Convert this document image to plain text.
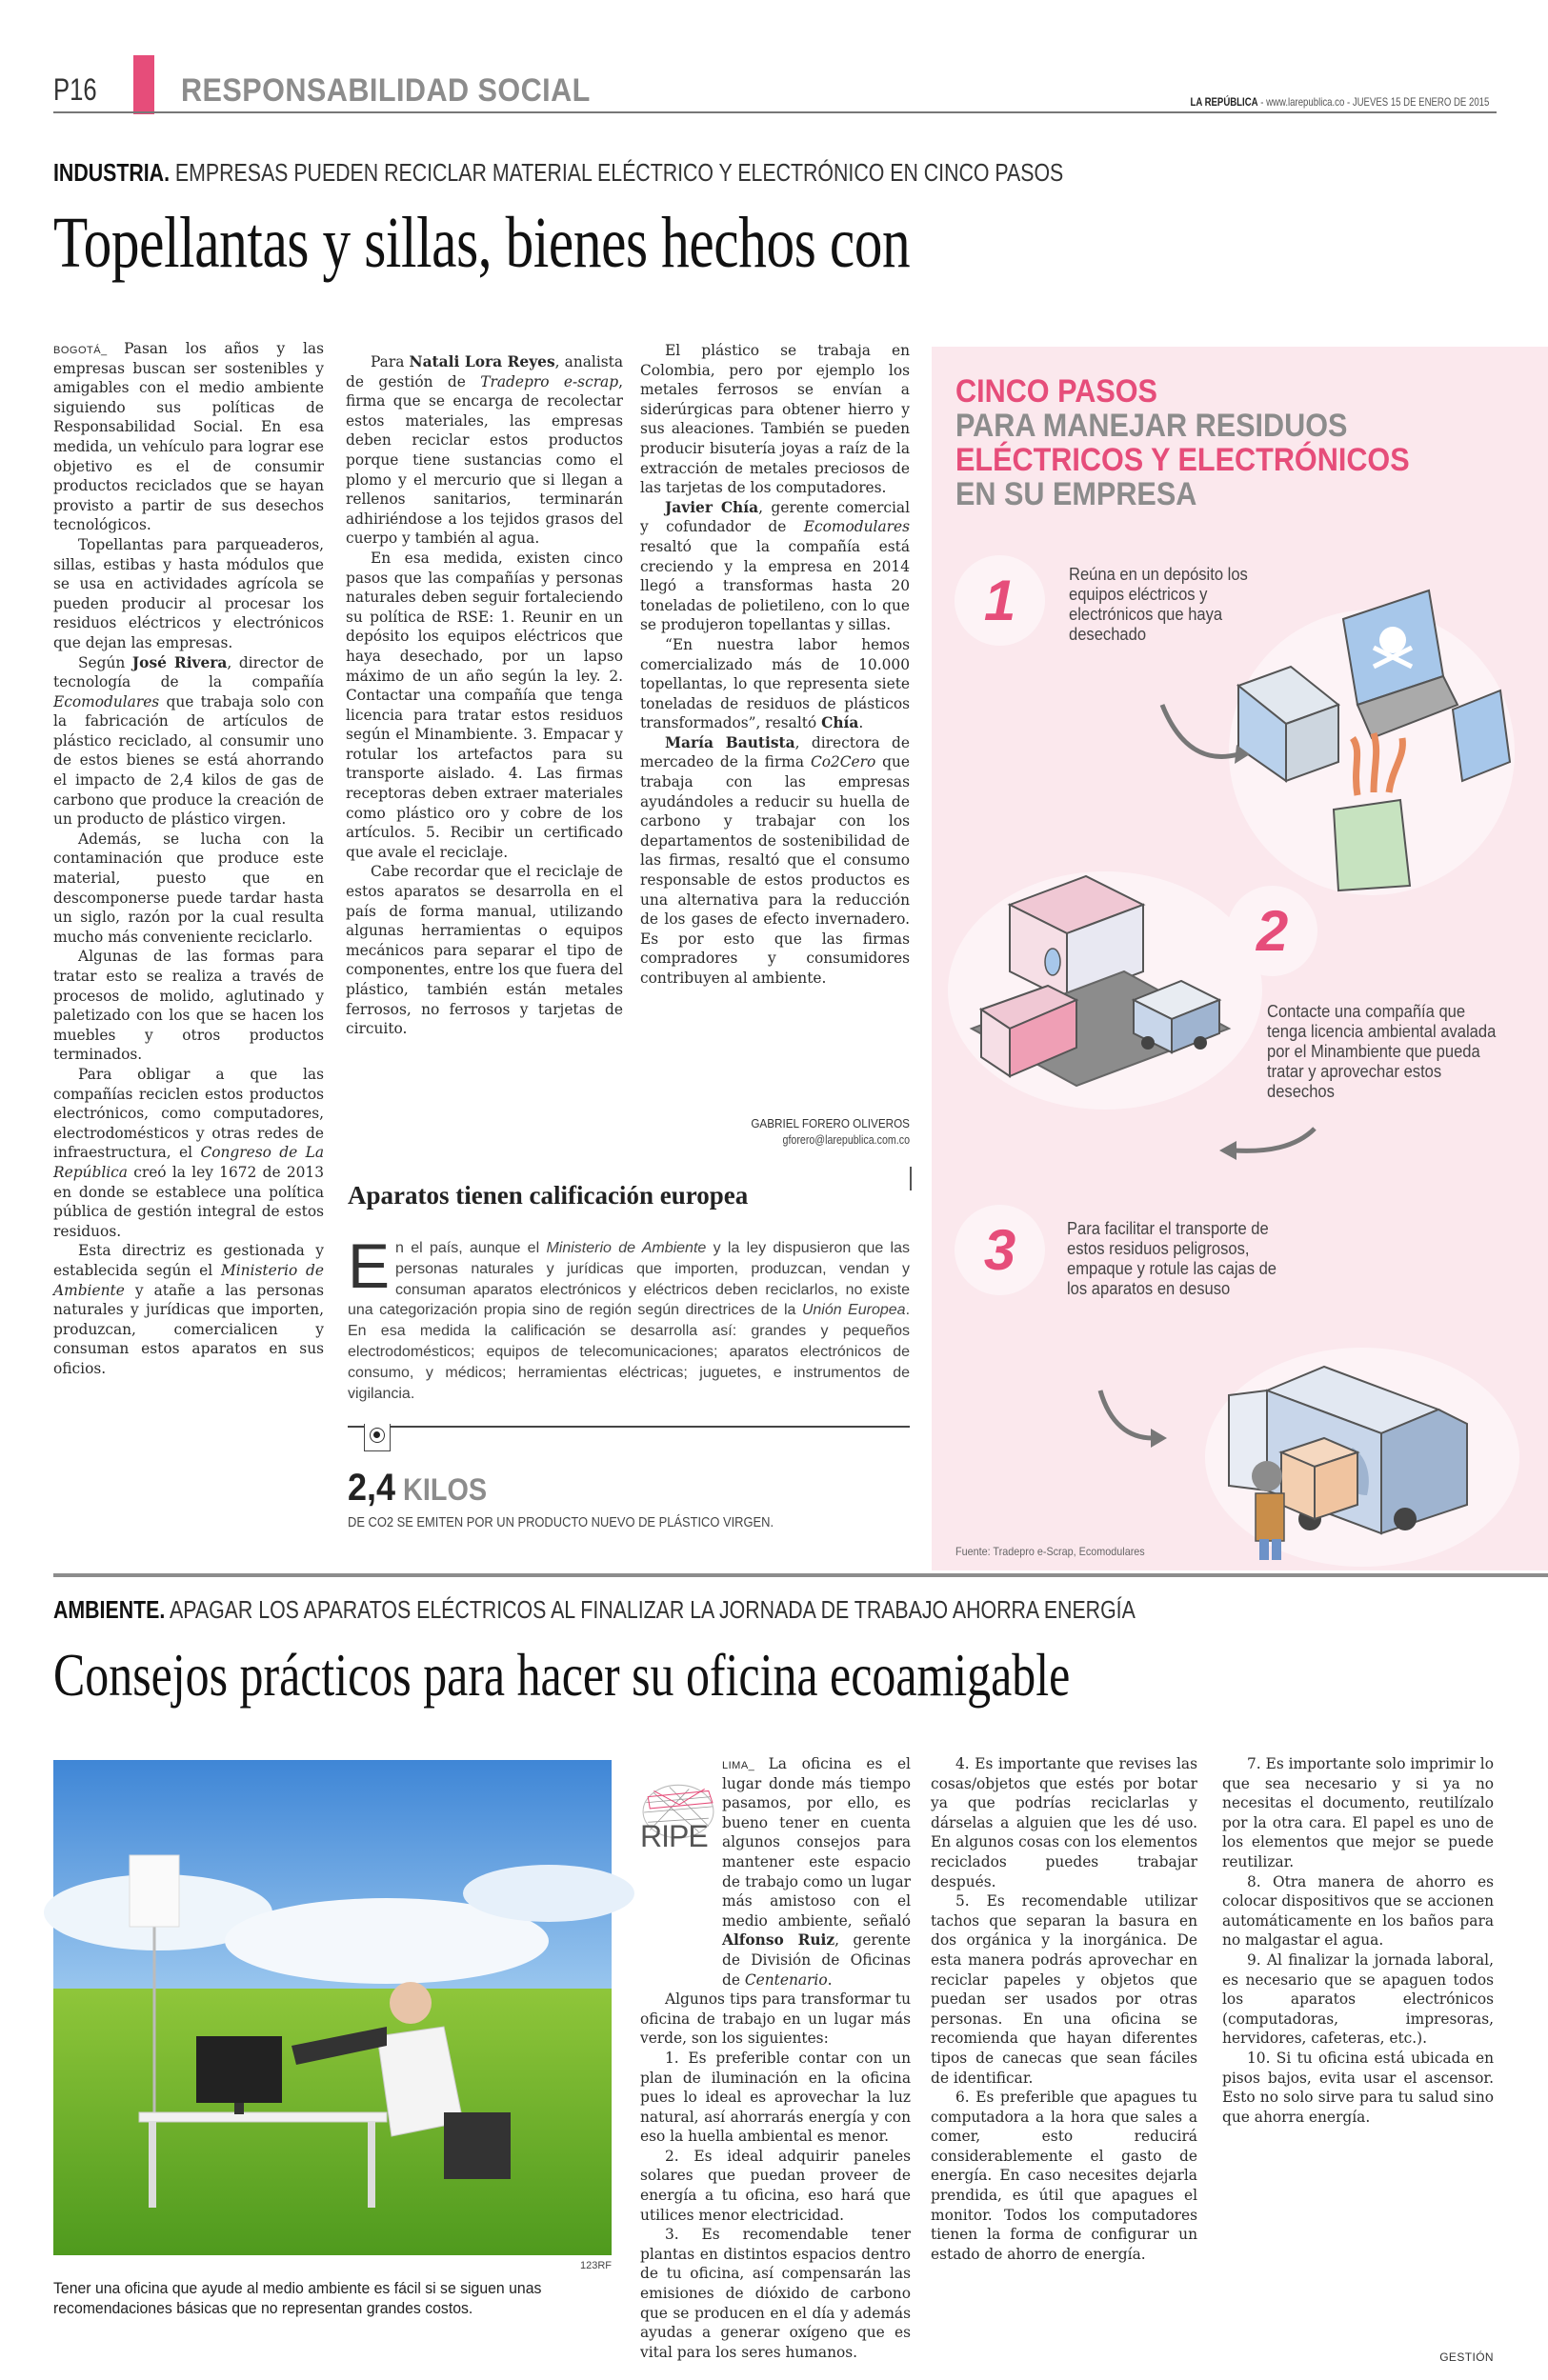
P16	RESPONSABILIDAD SOCIAL	LA REPÚBLICA - www.larepublica.co - JUEVES 15 DE ENERO DE 2015
INDUSTRIA. EMPRESAS PUEDEN RECICLAR MATERIAL ELÉCTRICO Y ELECTRÓNICO EN CINCO PASOS
Topellantas y sillas, bienes hechos con

BOGOTÁ_ Pasan los años y las empresas buscan ser sostenibles y amigables con el medio ambiente siguiendo sus políticas de Responsabilidad Social. En esa medida, un vehículo para lograr ese objetivo es el de consumir productos reciclados que se hayan provisto a partir de sus desechos tecnológicos.

Topellantas para parqueaderos, sillas, estibas y hasta módulos que se usa en actividades agrícola se pueden producir al procesar los residuos eléctricos y electrónicos que dejan las empresas.

Según José Rivera, director de tecnología de la compañía Ecomodulares que trabaja solo con la fabricación de artículos de plástico reciclado, al consumir uno de estos bienes se está ahorrando el impacto de 2,4 kilos de gas de carbono que produce la creación de un producto de plástico virgen.

Además, se lucha con la contaminación que produce este material, puesto que en descomponerse puede tardar hasta un siglo, razón por la cual resulta mucho más conveniente reciclarlo.

Algunas de las formas para tratar esto se realiza a través de procesos de molido, aglutinado y paletizado con los que se hacen los muebles y otros productos terminados.

Para obligar a que las compañías reciclen estos productos electrónicos, como computadores, electrodomésticos y otras redes de infraestructura, el Congreso de La República creó la ley 1672 de 2013 en donde se establece una política pública de gestión integral de estos residuos.

Esta directriz es gestionada y establecida según el Ministerio de Ambiente y atañe a las personas naturales y jurídicas que importen, produzcan, comercialicen y consuman estos aparatos en sus oficios.

Para Natali Lora Reyes, analista de gestión de Tradepro e-scrap, firma que se encarga de recolectar estos materiales, las empresas deben reciclar estos productos porque tiene sustancias como el plomo y el mercurio que si llegan a rellenos sanitarios, terminarán adhiriéndose a los tejidos grasos del cuerpo y también al agua.

En esa medida, existen cinco pasos que las compañías y personas naturales deben seguir fortaleciendo su política de RSE: 1. Reunir en un depósito los equipos eléctricos que haya desechado, por un lapso máximo de un año según la ley. 2. Contactar una compañía que tenga licencia para tratar estos residuos según el Minambiente. 3. Empacar y rotular los artefactos para su transporte aislado. 4. Las firmas receptoras deben extraer materiales como plástico oro y cobre de los artículos. 5. Recibir un certificado que avale el reciclaje.

Cabe recordar que el reciclaje de estos aparatos se desarrolla en el país de forma manual, utilizando algunas herramientas o equipos mecánicos para separar el tipo de componentes, entre los que fuera del plástico, también están metales ferrosos, no ferrosos y tarjetas de circuito.

El plástico se trabaja en Colombia, pero por ejemplo los metales ferrosos se envían a siderúrgicas para obtener hierro y sus aleaciones. También se pueden producir bisutería joyas a raíz de la extracción de metales preciosos de las tarjetas de los computadores.

Javier Chía, gerente comercial y cofundador de Ecomodulares resaltó que la compañía está creciendo y la empresa en 2014 llegó a transformas hasta 20 toneladas de polietileno, con lo que se produjeron topellantas y sillas.

“En nuestra labor hemos comercializado más de 10.000 topellantas, lo que representa siete toneladas de residuos de plásticos transformados”, resaltó Chía.

María Bautista, directora de mercadeo de la firma Co2Cero que trabaja con las empresas ayudándoles a reducir su huella de carbono y trabajar con los departamentos de sostenibilidad de las firmas, resaltó que el consumo responsable de estos productos es una alternativa para la reducción de los gases de efecto invernadero. Es por esto que las firmas compradores y consumidores contribuyen al ambiente.

GABRIEL FORERO OLIVEROS
gforero@larepublica.com.co
Aparatos tienen calificación europea
En el país, aunque el Ministerio de Ambiente y la ley dispusieron que las personas naturales y jurídicas que importen, produzcan, vendan y consuman aparatos electrónicos y eléctricos deben reciclarlos, no existe una categorización propia sino de región según directrices de la Unión Europea. En esa medida la calificación se desarrolla así: grandes y pequeños electrodomésticos; equipos de telecomunicaciones; aparatos electrónicos de consumo, y médicos; herramientas eléctricas; juguetes, e instrumentos de vigilancia.
2,4 KILOS
DE CO2 SE EMITEN POR UN PRODUCTO NUEVO DE PLÁSTICO VIRGEN.
CINCO PASOS
PARA MANEJAR RESIDUOS
ELÉCTRICOS Y ELECTRÓNICOS
EN SU EMPRESA
1	Reúna en un depósito los equipos eléctricos y electrónicos que haya desechado
2
Contacte una compañía que tenga licencia ambiental avalada por el Minambiente que pueda tratar y aprovechar estos desechos
3	Para facilitar el transporte de estos residuos peligrosos, empaque y rotule las cajas de los aparatos en desuso
Fuente: Tradepro e-Scrap, Ecomodulares
AMBIENTE. APAGAR LOS APARATOS ELÉCTRICOS AL FINALIZAR LA JORNADA DE TRABAJO AHORRA ENERGÍA
Consejos prácticos para hacer su oficina ecoamigable
123RF
Tener una oficina que ayude al medio ambiente es fácil si se siguen unas recomendaciones básicas que no representan grandes costos.
RIPE

LIMA_ La oficina es el lugar donde más tiempo pasamos, por ello, es bueno tener en cuenta algunos consejos para mantener este espacio de trabajo como un lugar más amistoso con el medio ambiente, señaló Alfonso Ruiz, gerente de División de Oficinas de Centenario.

Algunos tips para transformar tu oficina de trabajo en un lugar más verde, son los siguientes:

1. Es preferible contar con un plan de iluminación en la oficina pues lo ideal es aprovechar la luz natural, así ahorrarás energía y con eso la huella ambiental es menor.

2. Es ideal adquirir paneles solares que puedan proveer de energía a tu oficina, eso hará que utilices menor electricidad.

3. Es recomendable tener plantas en distintos espacios dentro de tu oficina, así compensarán las emisiones de dióxido de carbono que se producen en el día y además ayudas a generar oxígeno que es vital para los seres humanos.

4. Es importante que revises las cosas/objetos que estés por botar ya que podrías reciclarlas y dárselas a alguien que les dé uso. En algunos cosas con los elementos reciclados puedes trabajar después.

5. Es recomendable utilizar tachos que separan la basura en dos orgánica y la inorgánica. De esta manera podrás aprovechar en reciclar papeles y objetos que puedan ser usados por otras personas. En una oficina se recomienda que hayan diferentes tipos de canecas que sean fáciles de identificar.

6. Es preferible que apagues tu computadora a la hora que sales a comer, esto reducirá considerablemente el gasto de energía. En caso necesites dejarla prendida, es útil que apagues el monitor. Todos los computadores tienen la forma de configurar un estado de ahorro de energía.

7. Es importante solo imprimir lo que sea necesario y si ya no necesitas el documento, reutilízalo por la otra cara. El papel es uno de los elementos que mejor se puede reutilizar.

8. Otra manera de ahorro es colocar dispositivos que se accionen automáticamente en los baños para no malgastar el agua.

9. Al finalizar la jornada laboral, es necesario que se apaguen todos los aparatos electrónicos (computadoras, impresoras, hervidores, cafeteras, etc.).

10. Si tu oficina está ubicada en pisos bajos, evita usar el ascensor. Esto no solo sirve para tu salud sino que ahorra energía.

GESTIÓN
